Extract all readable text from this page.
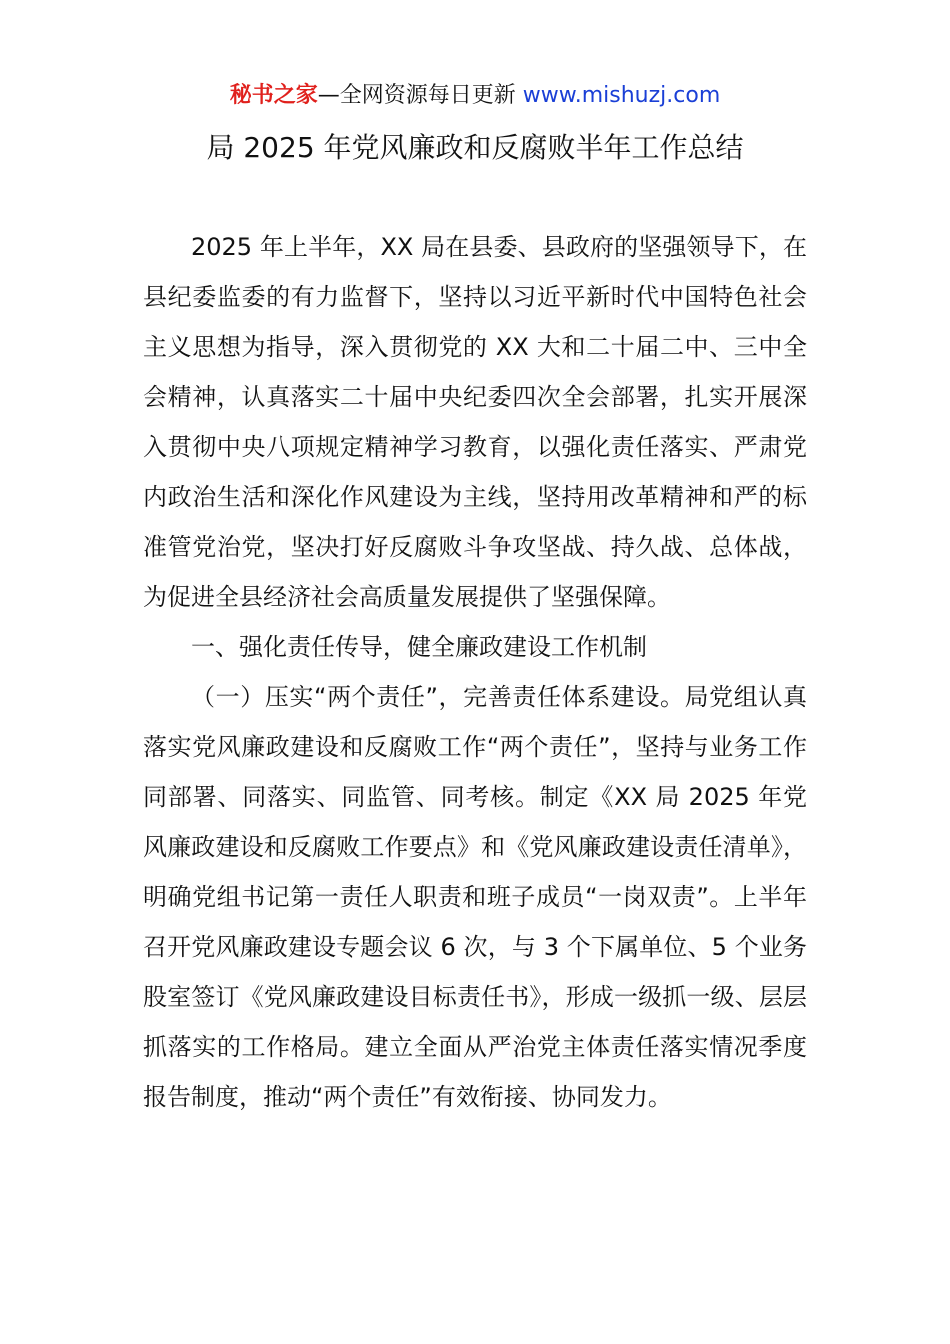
秘书之家—全网资源每日更新 www.mishuzj.com
局 2025 年党风廉政和反腐败半年工作总结

2025 年上半年，XX 局在县委、县政府的坚强领导下，在县纪委监委的有力监督下，坚持以习近平新时代中国特色社会主义思想为指导，深入贯彻党的 XX 大和二十届二中、三中全会精神，认真落实二十届中央纪委四次全会部署，扎实开展深入贯彻中央八项规定精神学习教育，以强化责任落实、严肃党内政治生活和深化作风建设为主线，坚持用改革精神和严的标准管党治党，坚决打好反腐败斗争攻坚战、持久战、总体战，为促进全县经济社会高质量发展提供了坚强保障。

一、强化责任传导，健全廉政建设工作机制

（一）压实“两个责任”，完善责任体系建设。局党组认真落实党风廉政建设和反腐败工作“两个责任”，坚持与业务工作同部署、同落实、同监管、同考核。制定《XX 局 2025 年党风廉政建设和反腐败工作要点》和《党风廉政建设责任清单》，明确党组书记第一责任人职责和班子成员“一岗双责”。上半年召开党风廉政建设专题会议 6 次，与 3 个下属单位、5 个业务股室签订《党风廉政建设目标责任书》，形成一级抓一级、层层抓落实的工作格局。建立全面从严治党主体责任落实情况季度报告制度，推动“两个责任”有效衔接、协同发力。
